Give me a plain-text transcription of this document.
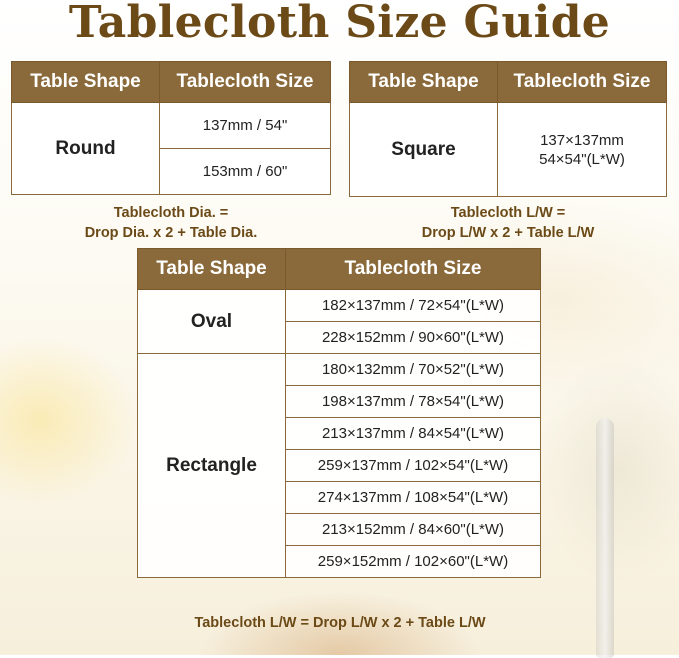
Tablecloth Size Guide
Table Shape	Tablecloth Size
Round	137mm / 54"
	153mm / 60"
Tablecloth Dia. =
Drop Dia. x 2 + Table Dia.
Table Shape	Tablecloth Size
Square	137×137mm
54×54"(L*W)
Tablecloth L/W =
Drop L/W x 2 + Table L/W
Table Shape	Tablecloth Size
Oval	182×137mm / 72×54"(L*W)
	228×152mm / 90×60"(L*W)
Rectangle	180×132mm / 70×52"(L*W)
	198×137mm / 78×54"(L*W)
	213×137mm / 84×54"(L*W)
	259×137mm / 102×54"(L*W)
	274×137mm / 108×54"(L*W)
	213×152mm / 84×60"(L*W)
	259×152mm / 102×60"(L*W)
Tablecloth L/W = Drop L/W x 2 + Table L/W
